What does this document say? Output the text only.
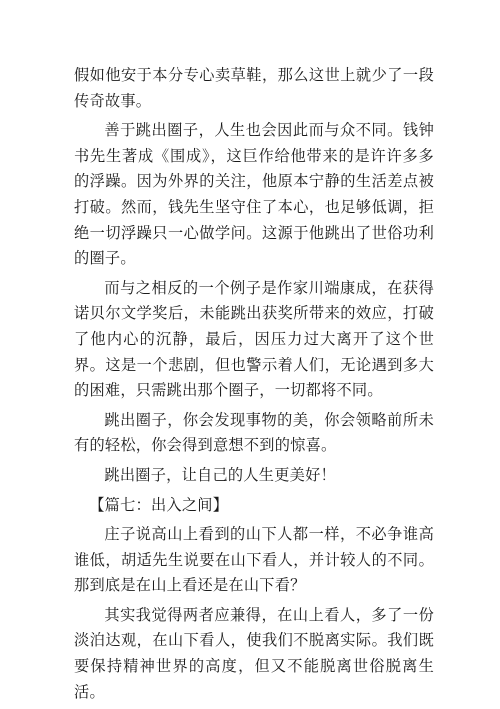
假如他安于本分专心卖草鞋，那么这世上就少了一段传奇故事。

善于跳出圈子，人生也会因此而与众不同。钱钟书先生著成《围成》，这巨作给他带来的是许许多多的浮躁。因为外界的关注，他原本宁静的生活差点被打破。然而，钱先生坚守住了本心，也足够低调，拒绝一切浮躁只一心做学问。这源于他跳出了世俗功利的圈子。

而与之相反的一个例子是作家川端康成，在获得诺贝尔文学奖后，未能跳出获奖所带来的效应，打破了他内心的沉静，最后，因压力过大离开了这个世界。这是一个悲剧，但也警示着人们，无论遇到多大的困难，只需跳出那个圈子，一切都将不同。

跳出圈子，你会发现事物的美，你会领略前所未有的轻松，你会得到意想不到的惊喜。

跳出圈子，让自己的人生更美好！

【篇七：出入之间】

庄子说高山上看到的山下人都一样，不必争谁高谁低，胡适先生说要在山下看人，并计较人的不同。那到底是在山上看还是在山下看？

其实我觉得两者应兼得，在山上看人，多了一份淡泊达观，在山下看人，使我们不脱离实际。我们既要保持精神世界的高度，但又不能脱离世俗脱离生活。
